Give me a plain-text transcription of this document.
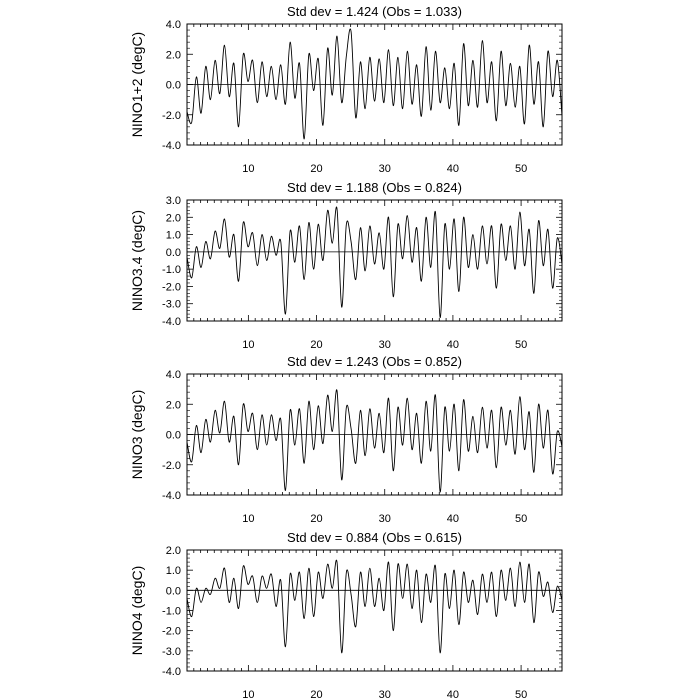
Std dev = 1.424 (Obs = 1.033)
NINO1+2 (degC)
10	20	30	40	50
-4.0
-2.0
0.0
2.0
4.0
Std dev = 1.188 (Obs = 0.824)
NINO3.4 (degC)
10	20	30	40	50
-4.0
-3.0
-2.0
-1.0
0.0
1.0
2.0
3.0
Std dev = 1.243 (Obs = 0.852)
NINO3 (degC)
10	20	30	40	50
-4.0
-2.0
0.0
2.0
4.0
Std dev = 0.884 (Obs = 0.615)
NINO4 (degC)
10	20	30	40	50
-4.0
-3.0
-2.0
-1.0
0.0
1.0
2.0
